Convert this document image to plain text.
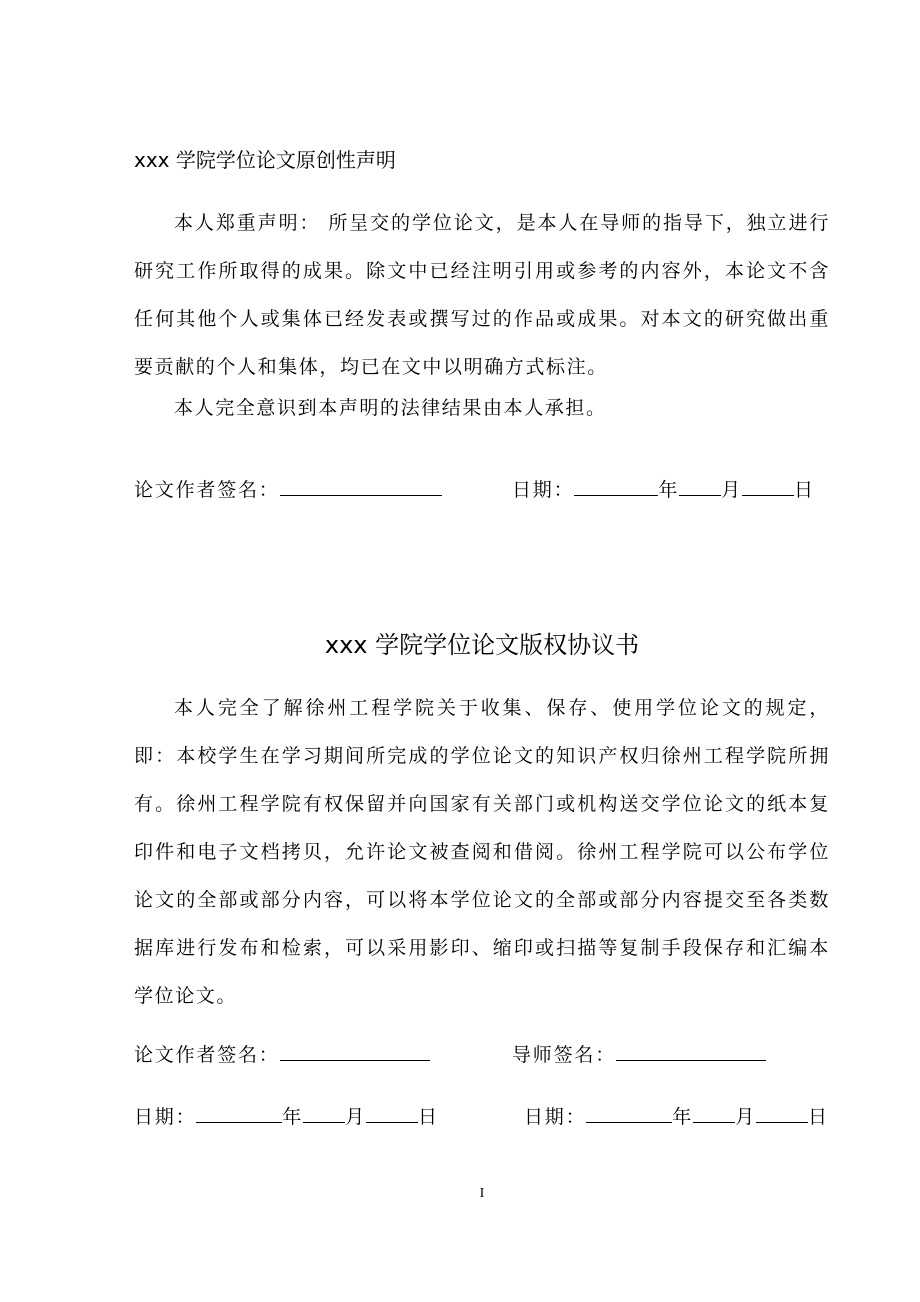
xxx 学院学位论文原创性声明
本人郑重声明： 所呈交的学位论文，是本人在导师的指导下，独立进行研究工作所取得的成果。除文中已经注明引用或参考的内容外，本论文不含任何其他个人或集体已经发表或撰写过的作品或成果。对本文的研究做出重要贡献的个人和集体，均已在文中以明确方式标注。
本人完全意识到本声明的法律结果由本人承担。
论文作者签名：	日期：	年 月	日
xxx 学院学位论文版权协议书
本人完全了解徐州工程学院关于收集、保存、使用学位论文的规定，即：本校学生在学习期间所完成的学位论文的知识产权归徐州工程学院所拥有。徐州工程学院有权保留并向国家有关部门或机构送交学位论文的纸本复印件和电子文档拷贝，允许论文被查阅和借阅。徐州工程学院可以公布学位论文的全部或部分内容，可以将本学位论文的全部或部分内容提交至各类数据库进行发布和检索，可以采用影印、缩印或扫描等复制手段保存和汇编本学位论文。
论文作者签名：	导师签名：
日期：	年 月	日	日期：	年 月	日
I
